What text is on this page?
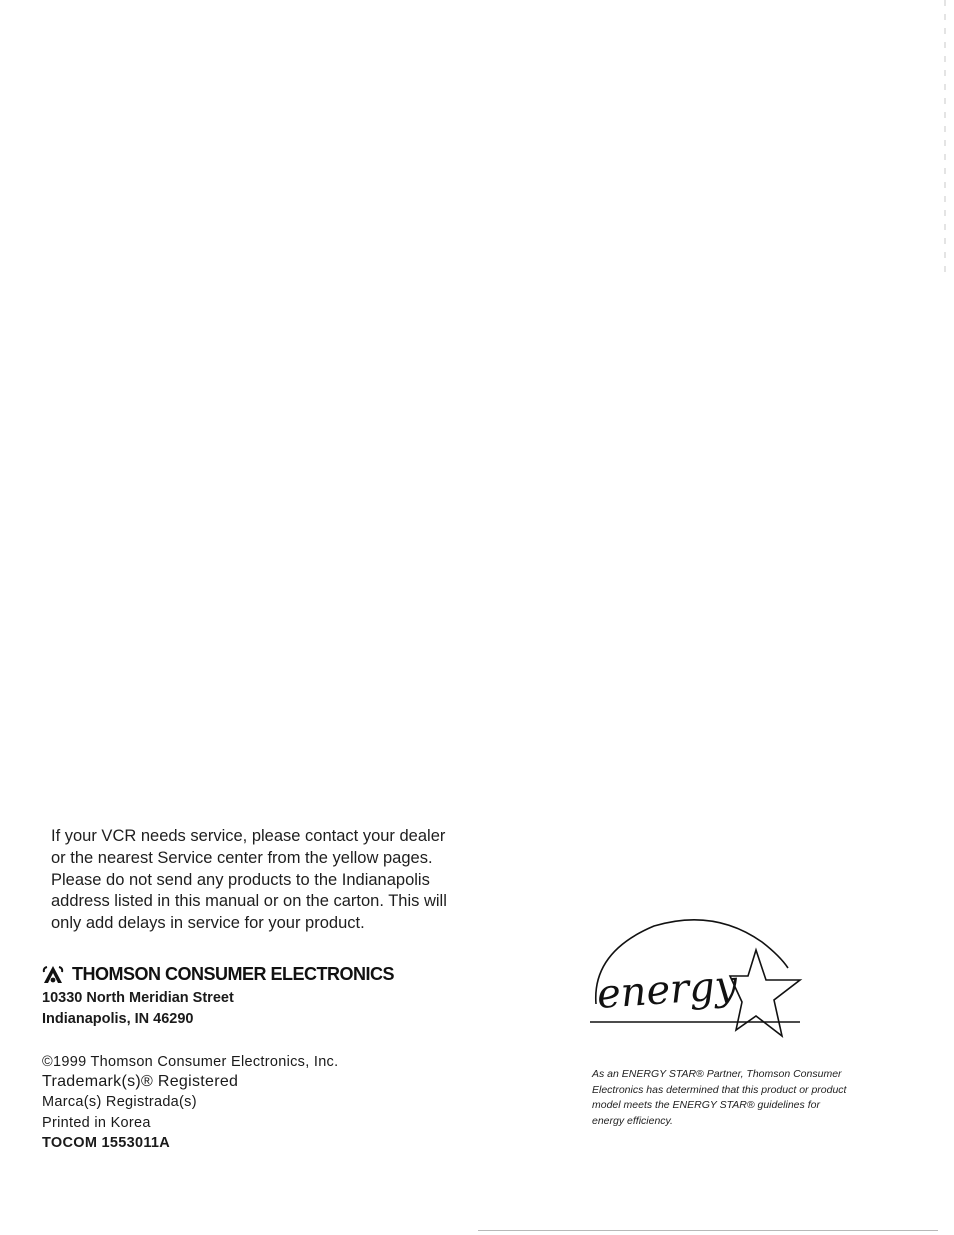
If your VCR needs service, please contact your dealer

or the nearest Service center from the yellow pages.

Please do not send any products to the Indianapolis

address listed in this manual or on the carton. This will

only add delays in service for your product.

THOMSON CONSUMER ELECTRONICS
10330 North Meridian Street
Indianapolis, IN 46290
©1999 Thomson Consumer Electronics, Inc.
Trademark(s)® Registered
Marca(s) Registrada(s)
Printed in Korea
TOCOM 1553011A
energy
As an ENERGY STAR® Partner, Thomson Consumer Electronics has determined that this product or product model meets the ENERGY STAR® guidelines for energy efficiency.
